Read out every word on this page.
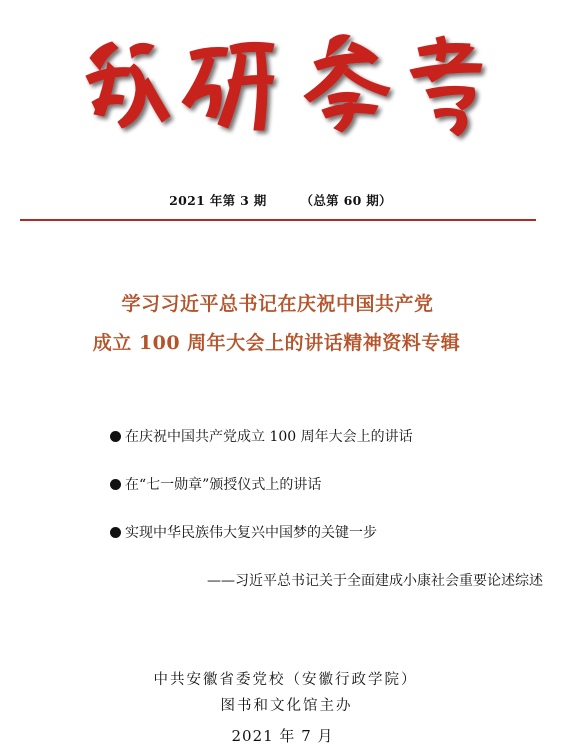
2021 年第 3 期	（总第 60 期）
学习习近平总书记在庆祝中国共产党
成立 100 周年大会上的讲话精神资料专辑
在庆祝中国共产党成立 100 周年大会上的讲话
在“七一勋章”颁授仪式上的讲话
实现中华民族伟大复兴中国梦的关键一步
——习近平总书记关于全面建成小康社会重要论述综述
中共安徽省委党校（安徽行政学院）
图书和文化馆主办
2021 年 7 月
